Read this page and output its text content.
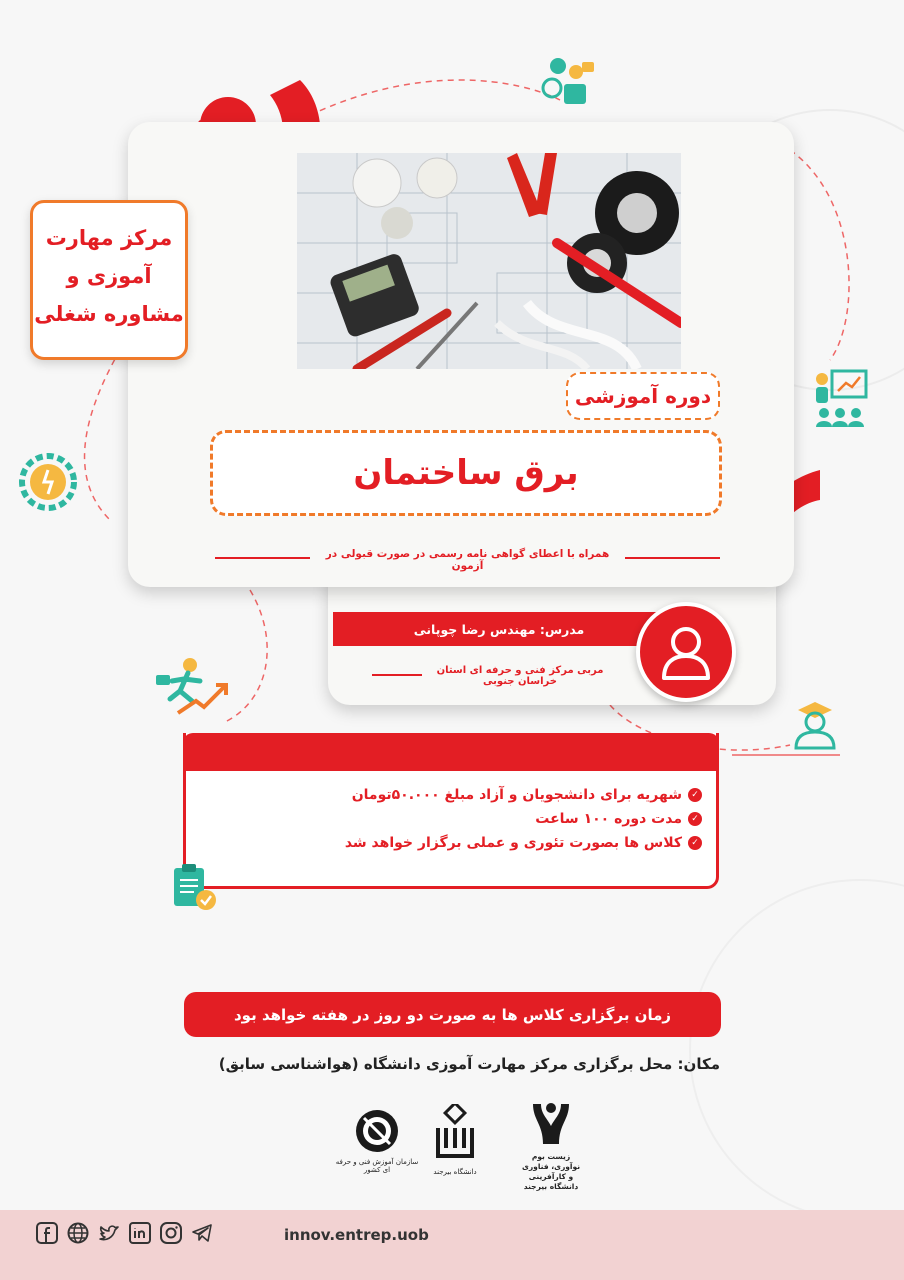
مرکز مهارت
آموزی و
مشاوره شغلی
دوره آموزشی
برق ساختمان
همراه با اعطای گواهی نامه رسمی در صورت قبولی در آزمون
مدرس: مهندس رضا چوپانی
مربی مرکز فنی و حرفه ای استان خراسان جنوبی
✓
شهریه برای دانشجویان و آزاد مبلغ ۵۰.۰۰۰تومان
✓
مدت دوره ۱۰۰ ساعت
✓
کلاس ها بصورت تئوری و عملی برگزار خواهد شد
زمان برگزاری کلاس ها به صورت دو روز در هفته خواهد بود
مکان: محل برگزاری مرکز مهارت آموزی دانشگاه (هواشناسی سابق)
سازمان آموزش فنی و حرفه ای کشور	دانشگاه بیرجند
زیست بوم
نوآوری، فناوری
و کارآفرینی
دانشگاه بیرجند
innov.entrep.uob
